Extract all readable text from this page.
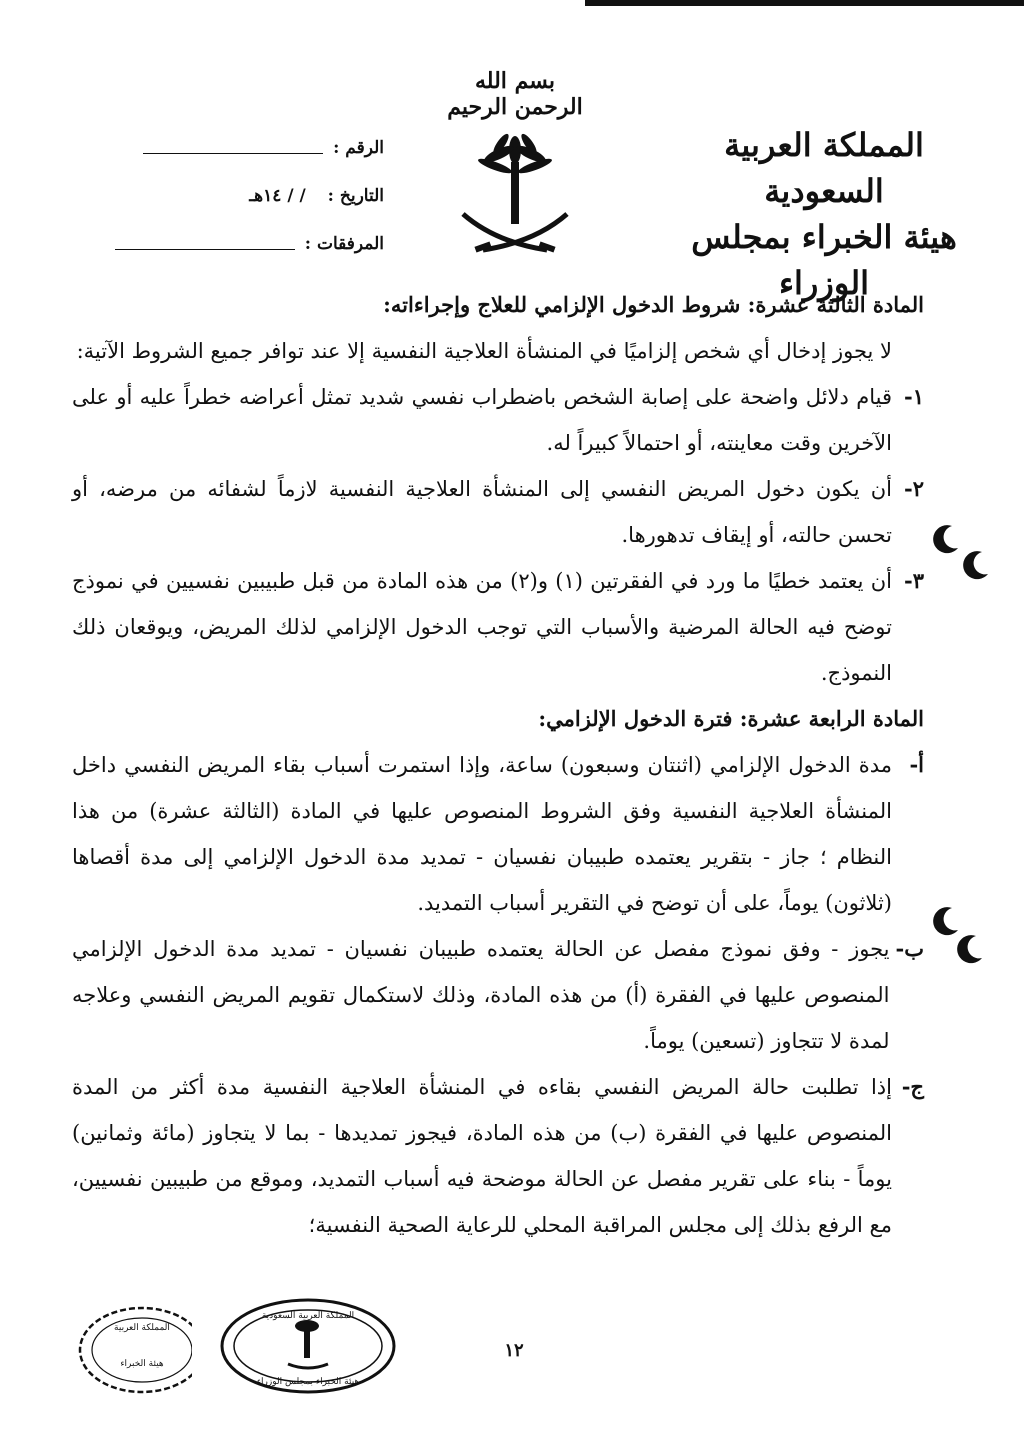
بسم الله الرحمن الرحيم
المملكة العربية السعودية
هيئة الخبراء بمجلس الوزراء
الرقم :
التاريخ :
/ / ١٤هـ
المرفقات :
المادة الثالثة عشرة: شروط الدخول الإلزامي للعلاج وإجراءاته:
لا يجوز إدخال أي شخص إلزاميًا في المنشأة العلاجية النفسية إلا عند توافر جميع الشروط الآتية:
١-
قيام دلائل واضحة على إصابة الشخص باضطراب نفسي شديد تمثل أعراضه خطراً عليه أو على الآخرين وقت معاينته، أو احتمالاً كبيراً له.
٢-
أن يكون دخول المريض النفسي إلى المنشأة العلاجية النفسية لازماً لشفائه من مرضه، أو تحسن حالته، أو إيقاف تدهورها.
٣-
أن يعتمد خطيًا ما ورد في الفقرتين (١) و(٢) من هذه المادة من قبل طبيبين نفسيين في نموذج توضح فيه الحالة المرضية والأسباب التي توجب الدخول الإلزامي لذلك المريض، ويوقعان ذلك النموذج.
المادة الرابعة عشرة: فترة الدخول الإلزامي:
أ-
مدة الدخول الإلزامي (اثنتان وسبعون) ساعة، وإذا استمرت أسباب بقاء المريض النفسي داخل المنشأة العلاجية النفسية وفق الشروط المنصوص عليها في المادة (الثالثة عشرة) من هذا النظام ؛ جاز - بتقرير يعتمده طبيبان نفسيان - تمديد مدة الدخول الإلزامي إلى مدة أقصاها (ثلاثون) يوماً، على أن توضح في التقرير أسباب التمديد.
ب-
يجوز - وفق نموذج مفصل عن الحالة يعتمده طبيبان نفسيان - تمديد مدة الدخول الإلزامي المنصوص عليها في الفقرة (أ) من هذه المادة، وذلك لاستكمال تقويم المريض النفسي وعلاجه لمدة لا تتجاوز (تسعين) يوماً.
ج-
إذا تطلبت حالة المريض النفسي بقاءه في المنشأة العلاجية النفسية مدة أكثر من المدة المنصوص عليها في الفقرة (ب) من هذه المادة، فيجوز تمديدها - بما لا يتجاوز (مائة وثمانين) يوماً - بناء على تقرير مفصل عن الحالة موضحة فيه أسباب التمديد، وموقع من طبيبين نفسيين، مع الرفع بذلك إلى مجلس المراقبة المحلي للرعاية الصحية النفسية؛
المملكة العربية السعودية
هيئة الخبراء بمجلس الوزراء
المملكة العربية
هيئة الخبراء
١٢
